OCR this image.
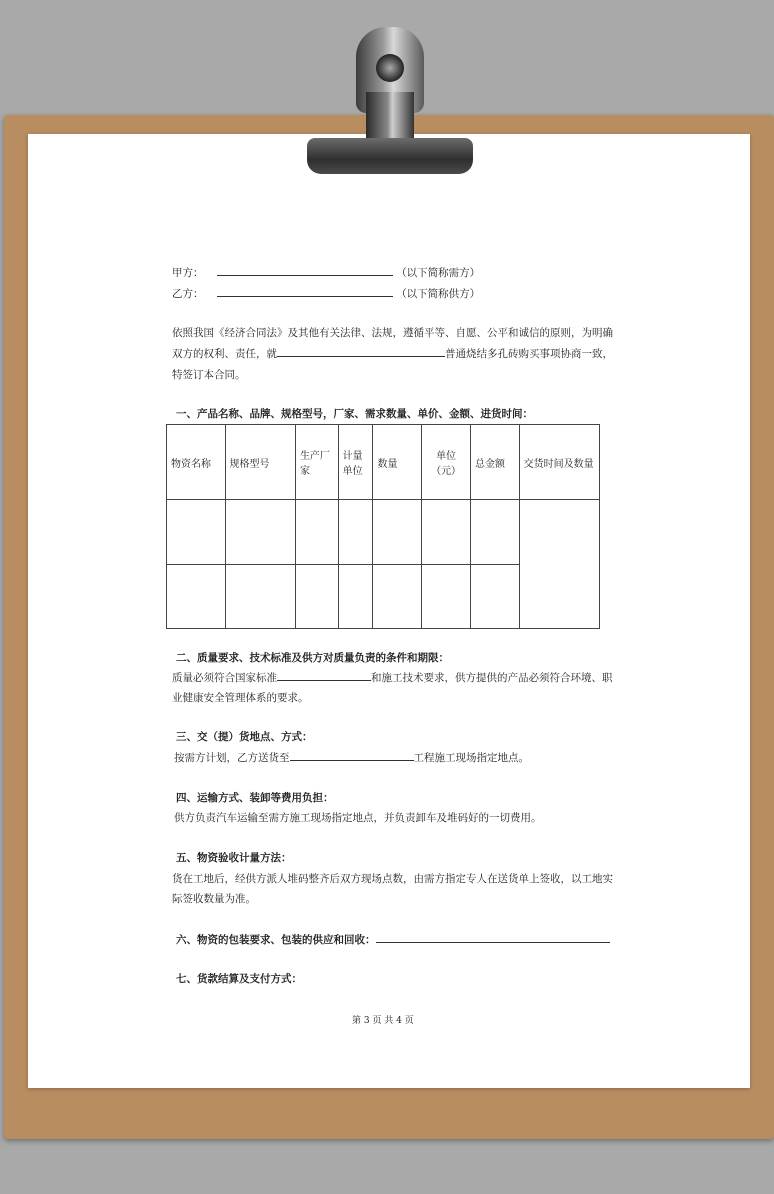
甲方：	（以下简称需方）
乙方：	（以下简称供方）
依照我国《经济合同法》及其他有关法律、法规，遵循平等、自愿、公平和诚信的原则，为明确
双方的权利、责任，就	普通烧结多孔砖购买事项协商一致，
特签订本合同。
一、产品名称、品牌、规格型号，厂家、需求数量、单价、金额、进货时间：
物资名称	规格型号	生产厂家	计量单位	数量	单位（元）	总金额	交货时间及数量

二、质量要求、技术标准及供方对质量负责的条件和期限：
质量必须符合国家标准	和施工技术要求，供方提供的产品必须符合环境、职
业健康安全管理体系的要求。
三、交（提）货地点、方式：
按需方计划，乙方送货至	工程施工现场指定地点。
四、运输方式、装卸等费用负担：
供方负责汽车运输至需方施工现场指定地点，并负责卸车及堆码好的一切费用。
五、物资验收计量方法：
货在工地后，经供方派人堆码整齐后双方现场点数，由需方指定专人在送货单上签收，以工地实
际签收数量为准。
六、物资的包装要求、包装的供应和回收：
七、货款结算及支付方式：
第 3 页 共 4 页
